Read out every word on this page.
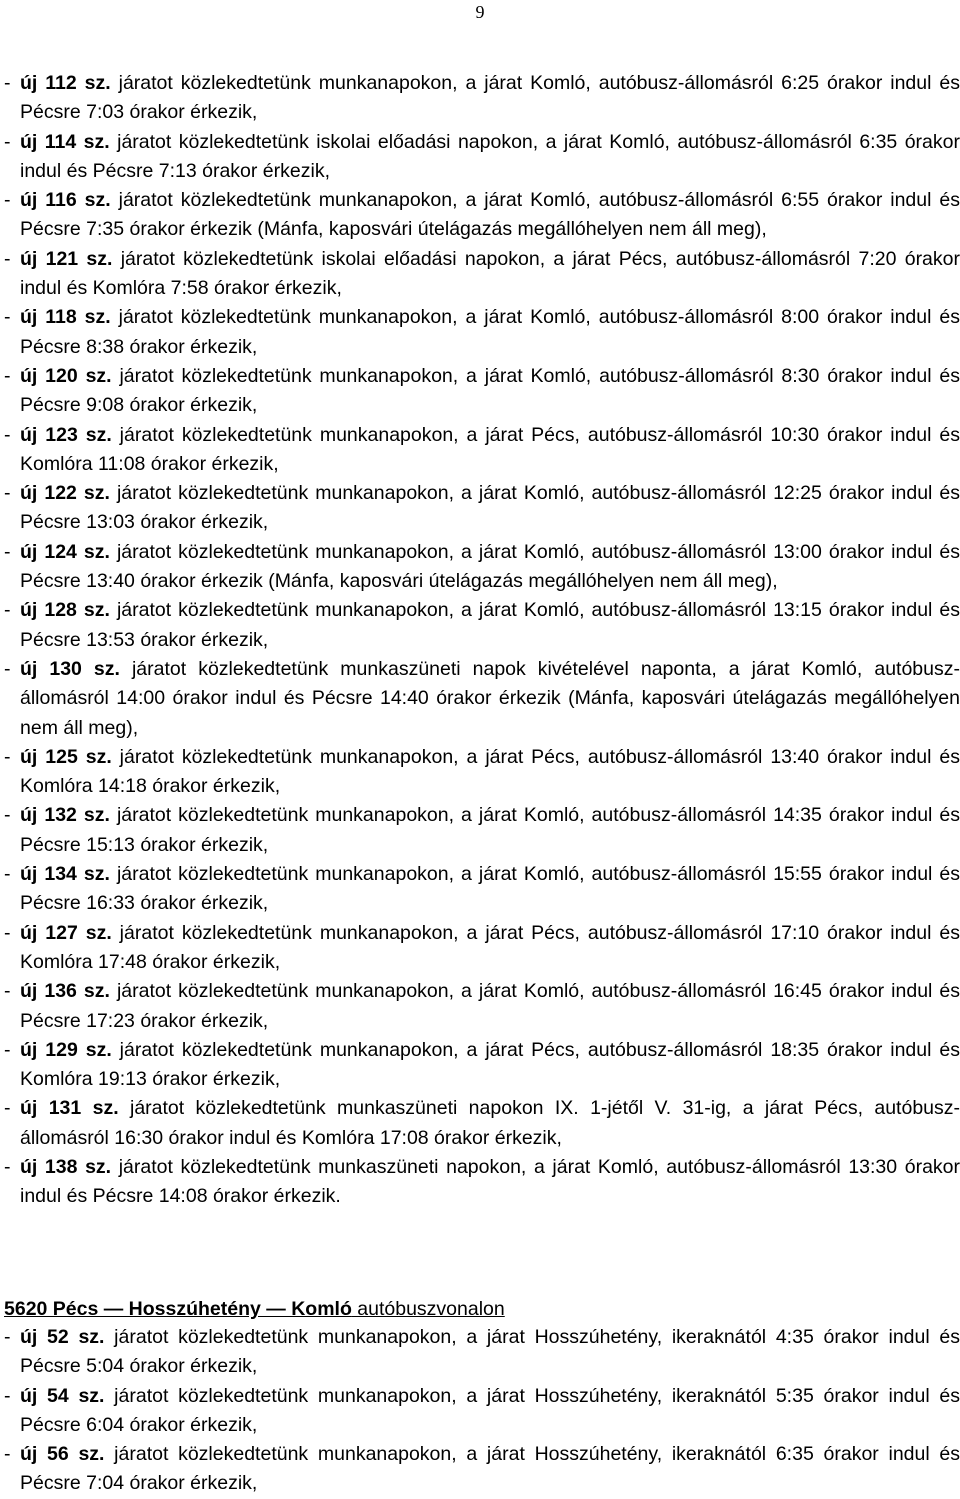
9
- új 112 sz. járatot közlekedtetünk munkanapokon, a járat Komló, autóbusz-állomásról 6:25 órakor indul és Pécsre 7:03 órakor érkezik,
- új 114 sz. járatot közlekedtetünk iskolai előadási napokon, a járat Komló, autóbusz-állomásról 6:35 órakor indul és Pécsre 7:13 órakor érkezik,
- új 116 sz. járatot közlekedtetünk munkanapokon, a járat Komló, autóbusz-állomásról 6:55 órakor indul és Pécsre 7:35 órakor érkezik (Mánfa, kaposvári útelágazás megállóhelyen nem áll meg),
- új 121 sz. járatot közlekedtetünk iskolai előadási napokon, a járat Pécs, autóbusz-állomásról 7:20 órakor indul és Komlóra 7:58 órakor érkezik,
- új 118 sz. járatot közlekedtetünk munkanapokon, a járat Komló, autóbusz-állomásról 8:00 órakor indul és Pécsre 8:38 órakor érkezik,
- új 120 sz. járatot közlekedtetünk munkanapokon, a járat Komló, autóbusz-állomásról 8:30 órakor indul és Pécsre 9:08 órakor érkezik,
- új 123 sz. járatot közlekedtetünk munkanapokon, a járat Pécs, autóbusz-állomásról 10:30 órakor indul és Komlóra 11:08 órakor érkezik,
- új 122 sz. járatot közlekedtetünk munkanapokon, a járat Komló, autóbusz-állomásról 12:25 órakor indul és Pécsre 13:03 órakor érkezik,
- új 124 sz. járatot közlekedtetünk munkanapokon, a járat Komló, autóbusz-állomásról 13:00 órakor indul és Pécsre 13:40 órakor érkezik (Mánfa, kaposvári útelágazás megállóhelyen nem áll meg),
- új 128 sz. járatot közlekedtetünk munkanapokon, a járat Komló, autóbusz-állomásról 13:15 órakor indul és Pécsre 13:53 órakor érkezik,
- új 130 sz. járatot közlekedtetünk munkaszüneti napok kivételével naponta, a járat Komló, autóbusz-állomásról 14:00 órakor indul és Pécsre 14:40 órakor érkezik (Mánfa, kaposvári útelágazás megállóhelyen nem áll meg),
- új 125 sz. járatot közlekedtetünk munkanapokon, a járat Pécs, autóbusz-állomásról 13:40 órakor indul és Komlóra 14:18 órakor érkezik,
- új 132 sz. járatot közlekedtetünk munkanapokon, a járat Komló, autóbusz-állomásról 14:35 órakor indul és Pécsre 15:13 órakor érkezik,
- új 134 sz. járatot közlekedtetünk munkanapokon, a járat Komló, autóbusz-állomásról 15:55 órakor indul és Pécsre 16:33 órakor érkezik,
- új 127 sz. járatot közlekedtetünk munkanapokon, a járat Pécs, autóbusz-állomásról 17:10 órakor indul és Komlóra 17:48 órakor érkezik,
- új 136 sz. járatot közlekedtetünk munkanapokon, a járat Komló, autóbusz-állomásról 16:45 órakor indul és Pécsre 17:23 órakor érkezik,
- új 129 sz. járatot közlekedtetünk munkanapokon, a járat Pécs, autóbusz-állomásról 18:35 órakor indul és Komlóra 19:13 órakor érkezik,
- új 131 sz. járatot közlekedtetünk munkaszüneti napokon IX. 1-jétől V. 31-ig, a járat Pécs, autóbusz-állomásról 16:30 órakor indul és Komlóra 17:08 órakor érkezik,
- új 138 sz. járatot közlekedtetünk munkaszüneti napokon, a járat Komló, autóbusz-állomásról 13:30 órakor indul és Pécsre 14:08 órakor érkezik.
5620 Pécs — Hosszúhetény — Komló autóbuszvonalon
- új 52 sz. járatot közlekedtetünk munkanapokon, a járat Hosszúhetény, ikeraknától 4:35 órakor indul és Pécsre 5:04 órakor érkezik,
- új 54 sz. járatot közlekedtetünk munkanapokon, a járat Hosszúhetény, ikeraknától 5:35 órakor indul és Pécsre 6:04 órakor érkezik,
- új 56 sz. járatot közlekedtetünk munkanapokon, a járat Hosszúhetény, ikeraknától 6:35 órakor indul és Pécsre 7:04 órakor érkezik,
